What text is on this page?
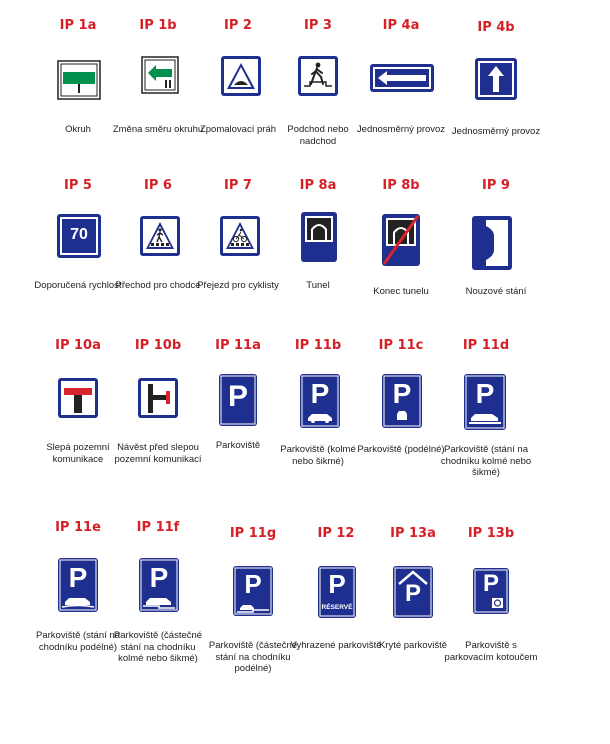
IP 1a
Okruh
IP 1b
Změna směru okruhu
IP 2
Zpomalovací práh
IP 3
Podchod nebo nadchod
IP 4a
Jednosměrný provoz
IP 4b
Jednosměrný provoz
IP 5
70
Doporučená rychlost
IP 6
Přechod pro chodce
IP 7
Přejezd pro cyklisty
IP 8a
Tunel
IP 8b
Konec tunelu
IP 9
Nouzové stání
IP 10a
Slepá pozemní komunikace
IP 10b
Návěst před slepou pozemní komunikací
IP 11a
P
Parkoviště
IP 11b
P
Parkoviště (kolmé nebo šikmé)
IP 11c
P
Parkoviště (podélné)
IP 11d
P
Parkoviště (stání na chodníku kolmé nebo šikmé)
IP 11e
P
Parkoviště (stání na chodníku podélné)
IP 11f
P
Parkoviště (částečné stání na chodníku kolmé nebo šikmé)
IP 11g
P
Parkoviště (částečné stání na chodníku podélné)
IP 12
P
RÉSERVÉ
Vyhrazené parkoviště
IP 13a
P
Kryté parkoviště
IP 13b
P
Parkoviště s parkovacím kotoučem
